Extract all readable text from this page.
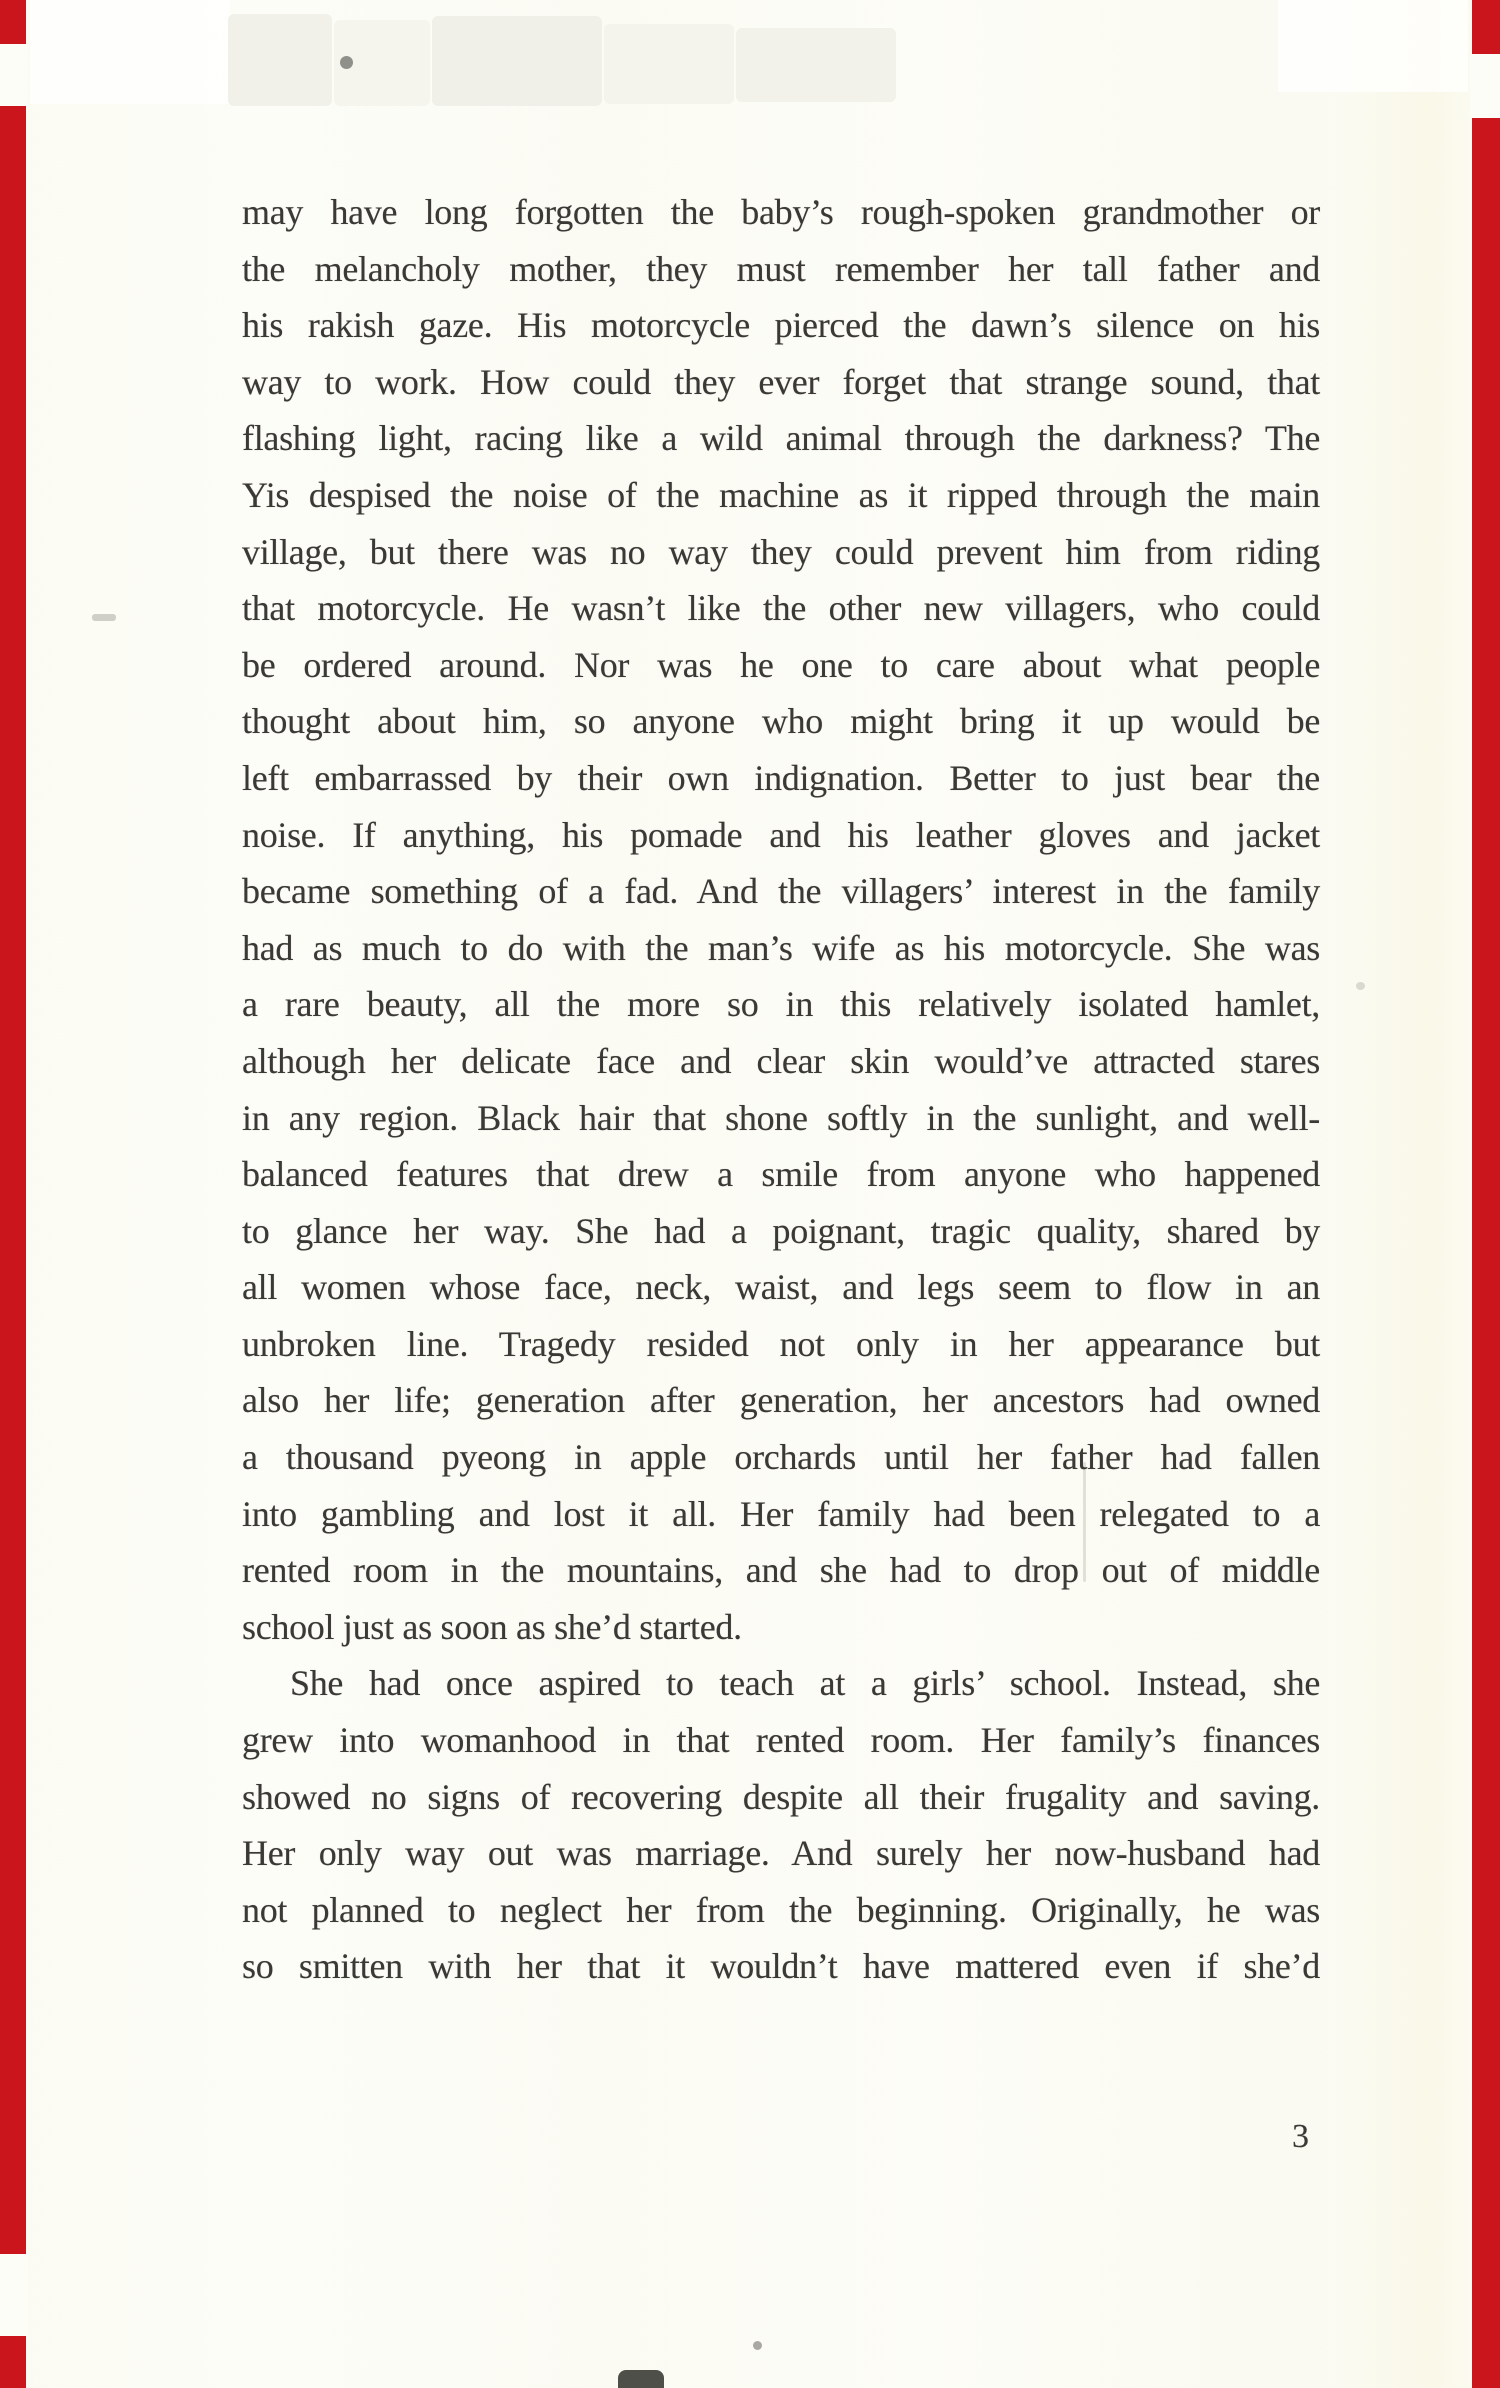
may have long forgotten the baby’s rough-spoken grandmother or
the melancholy mother, they must remember her tall father and
his rakish gaze. His motorcycle pierced the dawn’s silence on his
way to work. How could they ever forget that strange sound, that
flashing light, racing like a wild animal through the darkness? The
Yis despised the noise of the machine as it ripped through the main
village, but there was no way they could prevent him from riding
that motorcycle. He wasn’t like the other new villagers, who could
be ordered around. Nor was he one to care about what people
thought about him, so anyone who might bring it up would be
left embarrassed by their own indignation. Better to just bear the
noise. If anything, his pomade and his leather gloves and jacket
became something of a fad. And the villagers’ interest in the family
had as much to do with the man’s wife as his motorcycle. She was
a rare beauty, all the more so in this relatively isolated hamlet,
although her delicate face and clear skin would’ve attracted stares
in any region. Black hair that shone softly in the sunlight, and well-
balanced features that drew a smile from anyone who happened
to glance her way. She had a poignant, tragic quality, shared by
all women whose face, neck, waist, and legs seem to flow in an
unbroken line. Tragedy resided not only in her appearance but
also her life; generation after generation, her ancestors had owned
a thousand pyeong in apple orchards until her father had fallen
into gambling and lost it all. Her family had been relegated to a
rented room in the mountains, and she had to drop out of middle
school just as soon as she’d started.
She had once aspired to teach at a girls’ school. Instead, she
grew into womanhood in that rented room. Her family’s finances
showed no signs of recovering despite all their frugality and saving.
Her only way out was marriage. And surely her now-husband had
not planned to neglect her from the beginning. Originally, he was
so smitten with her that it wouldn’t have mattered even if she’d
3
